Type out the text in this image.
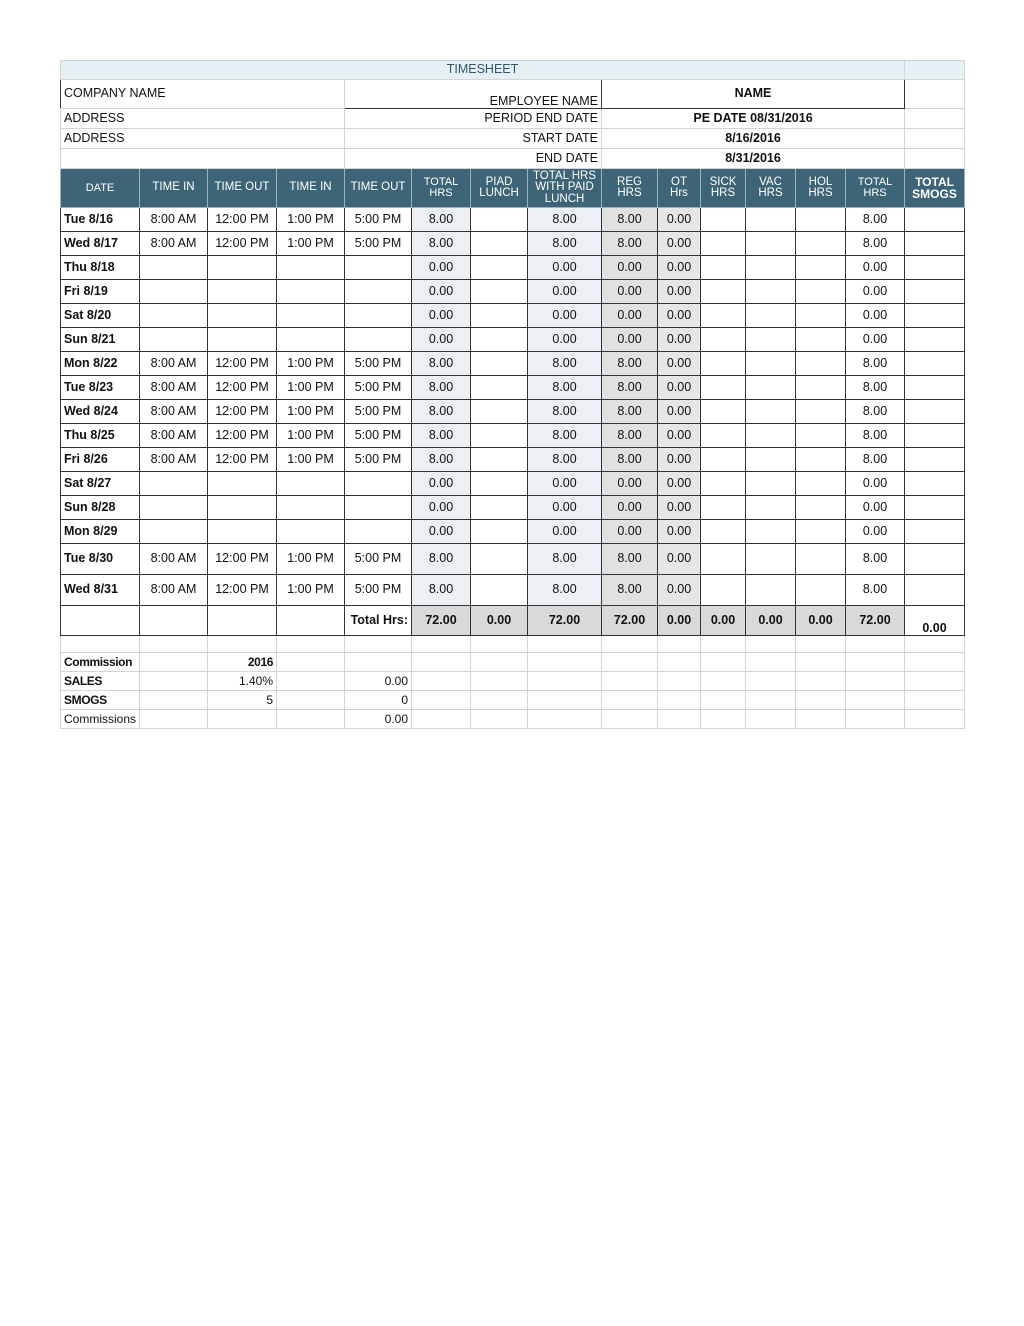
TIMESHEET														
COMPANY NAME				EMPLOYEE NAME				NAME						
ADDRESS				PERIOD END DATE				PE DATE 08/31/2016						
ADDRESS				START DATE				8/16/2016						
				END DATE				8/31/2016						
DATE	TIME IN	TIME OUT	TIME IN	TIME OUT	TOTAL HRS	PIAD LUNCH	TOTAL HRS WITH PAID LUNCH	REG HRS	OT Hrs	SICK HRS	VAC HRS	HOL HRS	TOTAL HRS	TOTAL SMOGS
Tue 8/16	8:00 AM	12:00 PM	1:00 PM	5:00 PM	8.00		8.00	8.00	0.00				8.00	
Wed 8/17	8:00 AM	12:00 PM	1:00 PM	5:00 PM	8.00		8.00	8.00	0.00				8.00	
Thu 8/18					0.00		0.00	0.00	0.00				0.00	
Fri 8/19					0.00		0.00	0.00	0.00				0.00	
Sat 8/20					0.00		0.00	0.00	0.00				0.00	
Sun 8/21					0.00		0.00	0.00	0.00				0.00	
Mon 8/22	8:00 AM	12:00 PM	1:00 PM	5:00 PM	8.00		8.00	8.00	0.00				8.00	
Tue 8/23	8:00 AM	12:00 PM	1:00 PM	5:00 PM	8.00		8.00	8.00	0.00				8.00	
Wed 8/24	8:00 AM	12:00 PM	1:00 PM	5:00 PM	8.00		8.00	8.00	0.00				8.00	
Thu 8/25	8:00 AM	12:00 PM	1:00 PM	5:00 PM	8.00		8.00	8.00	0.00				8.00	
Fri 8/26	8:00 AM	12:00 PM	1:00 PM	5:00 PM	8.00		8.00	8.00	0.00				8.00	
Sat 8/27					0.00		0.00	0.00	0.00				0.00	
Sun 8/28					0.00		0.00	0.00	0.00				0.00	
Mon 8/29					0.00		0.00	0.00	0.00				0.00	
Tue 8/30	8:00 AM	12:00 PM	1:00 PM	5:00 PM	8.00		8.00	8.00	0.00				8.00	
Wed 8/31	8:00 AM	12:00 PM	1:00 PM	5:00 PM	8.00		8.00	8.00	0.00				8.00	
				Total Hrs:	72.00	0.00	72.00	72.00	0.00	0.00	0.00	0.00	72.00	0.00

Commission		2016												
SALES		1.40%		0.00										
SMOGS		5		0										
Commissions				0.00										
